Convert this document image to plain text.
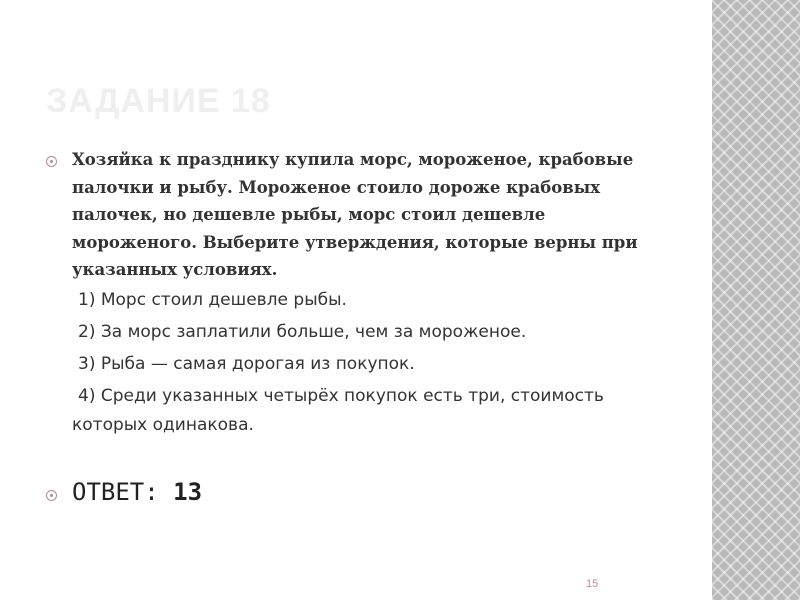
ЗАДАНИЕ 18
Хозяйка к празднику купила морс, мороженое, крабовые палочки и рыбу. Мороженое стоило дороже крабовых палочек, но дешевле рыбы, морс стоил дешевле мороженого. Выберите утверждения, которые верны при указанных условиях.
1) Морс стоил дешевле рыбы.
2) За морс заплатили больше, чем за мороженое.
3) Рыба — самая дорогая из покупок.
4) Среди указанных четырёх покупок есть три, стоимость которых одинакова.
ОТВЕТ: 13
15
